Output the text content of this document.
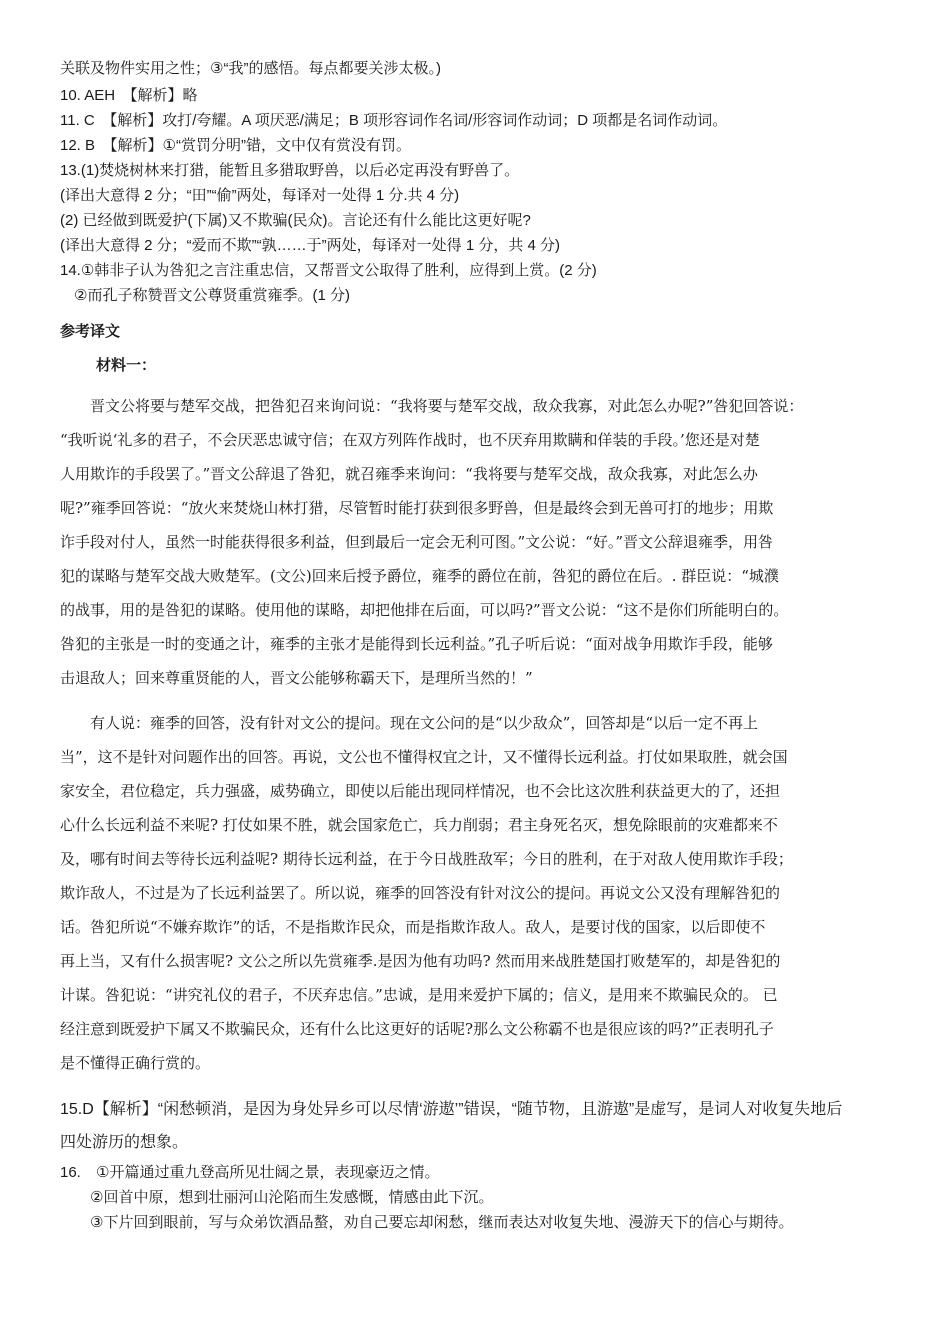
关联及物件实用之性；③“我”的感悟。每点都要关涉太极。)
10. AEH　【解析】略
11. C　【解析】攻打/夸耀。A 项厌恶/满足；B 项形容词作名词/形容词作动词；D 项都是名词作动词。
12. B　【解析】①“赏罚分明”错，文中仅有赏没有罚。
13.(1)焚烧树林来打猎，能暂且多猎取野兽，以后必定再没有野兽了。
(译出大意得 2 分；“田”“偷”两处，每译对一处得 1 分.共 4 分)
(2) 已经做到既爱护(下属)又不欺骗(民众)。言论还有什么能比这更好呢?
(译出大意得 2 分；“爱而不欺”“孰……于”两处，每译对一处得 1 分，共 4 分)
14.①韩非子认为咎犯之言注重忠信，又帮晋文公取得了胜利，应得到上赏。(2 分)
②而孔子称赞晋文公尊贤重赏雍季。(1 分)
参考译文
材料一：
晋文公将要与楚军交战，把咎犯召来询问说：“我将要与楚军交战，敌众我寡，对此怎么办呢?”咎犯回答说：
“我听说‘礼多的君子，不会厌恶忠诚守信；在双方列阵作战时，也不厌弃用欺瞒和佯装的手段。’您还是对楚
人用欺诈的手段罢了。”晋文公辞退了咎犯，就召雍季来询问：“我将要与楚军交战，敌众我寡，对此怎么办
呢?”雍季回答说：“放火来焚烧山林打猎，尽管暂时能打获到很多野兽，但是最终会到无兽可打的地步；用欺
诈手段对付人，虽然一时能获得很多利益，但到最后一定会无利可图。”文公说：“好。”晋文公辞退雍季，用咎
犯的谋略与楚军交战大败楚军。(文公)回来后授予爵位，雍季的爵位在前，咎犯的爵位在后。. 群臣说：“城濮
的战事，用的是咎犯的谋略。使用他的谋略，却把他排在后面，可以吗?”晋文公说：“这不是你们所能明白的。
咎犯的主张是一时的变通之计，雍季的主张才是能得到长远利益。”孔子听后说：“面对战争用欺诈手段，能够
击退敌人；回来尊重贤能的人，晋文公能够称霸天下，是理所当然的！”
有人说：雍季的回答，没有针对文公的提问。现在文公问的是“以少敌众”，回答却是“以后一定不再上
当”，这不是针对问题作出的回答。再说，文公也不懂得权宜之计，又不懂得长远利益。打仗如果取胜，就会国
家安全，君位稳定，兵力强盛，威势确立，即使以后能出现同样情况，也不会比这次胜利获益更大的了，还担
心什么长远利益不来呢? 打仗如果不胜，就会国家危亡，兵力削弱；君主身死名灭，想免除眼前的灾难都来不
及，哪有时间去等待长远利益呢? 期待长远利益，在于今日战胜敌军；今日的胜利，在于对敌人使用欺诈手段；
欺诈敌人，不过是为了长远利益罢了。所以说，雍季的回答没有针对汶公的提问。再说文公又没有理解咎犯的
话。咎犯所说“不嫌弃欺诈”的话，不是指欺诈民众，而是指欺诈敌人。敌人，是要讨伐的国家，以后即使不
再上当，又有什么损害呢? 文公之所以先赏雍季.是因为他有功吗? 然而用来战胜楚国打败楚军的，却是咎犯的
计谋。咎犯说：“讲究礼仪的君子，不厌弃忠信。”忠诚，是用来爱护下属的；信义，是用来不欺骗民众的。 已
经注意到既爱护下属又不欺骗民众，还有什么比这更好的话呢?那么文公称霸不也是很应该的吗?”正表明孔子
是不懂得正确行赏的。
15.D【解析】“闲愁顿消，是因为身处异乡可以尽情‘游遨’”错误，“随节物，且游遨”是虚写，是词人对收复失地后
四处游历的想象。
16. ①开篇通过重九登高所见壮阔之景，表现豪迈之情。
②回首中原，想到壮丽河山沦陷而生发感慨，情感由此下沉。
③下片回到眼前，写与众弟饮酒品螯，劝自己要忘却闲愁，继而表达对收复失地、漫游天下的信心与期待。
